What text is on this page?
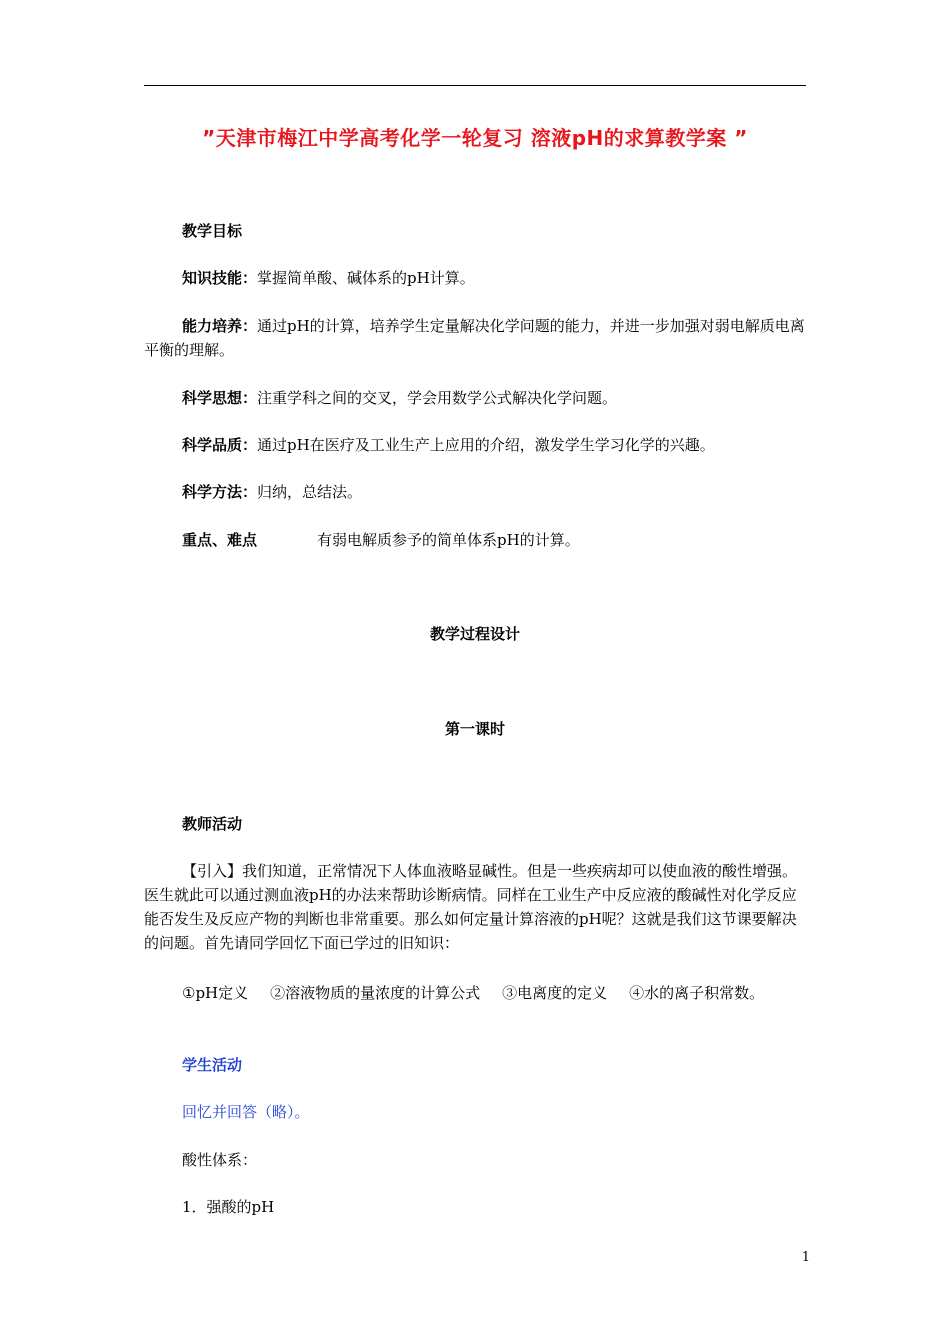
”天津市梅江中学高考化学一轮复习 溶液pH的求算教学案 ”
教学目标
知识技能：掌握简单酸、碱体系的pH计算。
能力培养：通过pH的计算，培养学生定量解决化学问题的能力，并进一步加强对弱电解质电离平衡的理解。
科学思想：注重学科之间的交叉，学会用数学公式解决化学问题。
科学品质：通过pH在医疗及工业生产上应用的介绍，激发学生学习化学的兴趣。
科学方法：归纳，总结法。
重点、难点	有弱电解质参予的简单体系pH的计算。
教学过程设计
第一课时
教师活动
【引入】我们知道，正常情况下人体血液略显碱性。但是一些疾病却可以使血液的酸性增强。医生就此可以通过测血液pH的办法来帮助诊断病情。同样在工业生产中反应液的酸碱性对化学反应能否发生及反应产物的判断也非常重要。那么如何定量计算溶液的pH呢？这就是我们这节课要解决的问题。首先请同学回忆下面已学过的旧知识：
①pH定义 ②溶液物质的量浓度的计算公式 ③电离度的定义 ④水的离子积常数。
学生活动
回忆并回答（略）。
酸性体系：
1．强酸的pH
1
